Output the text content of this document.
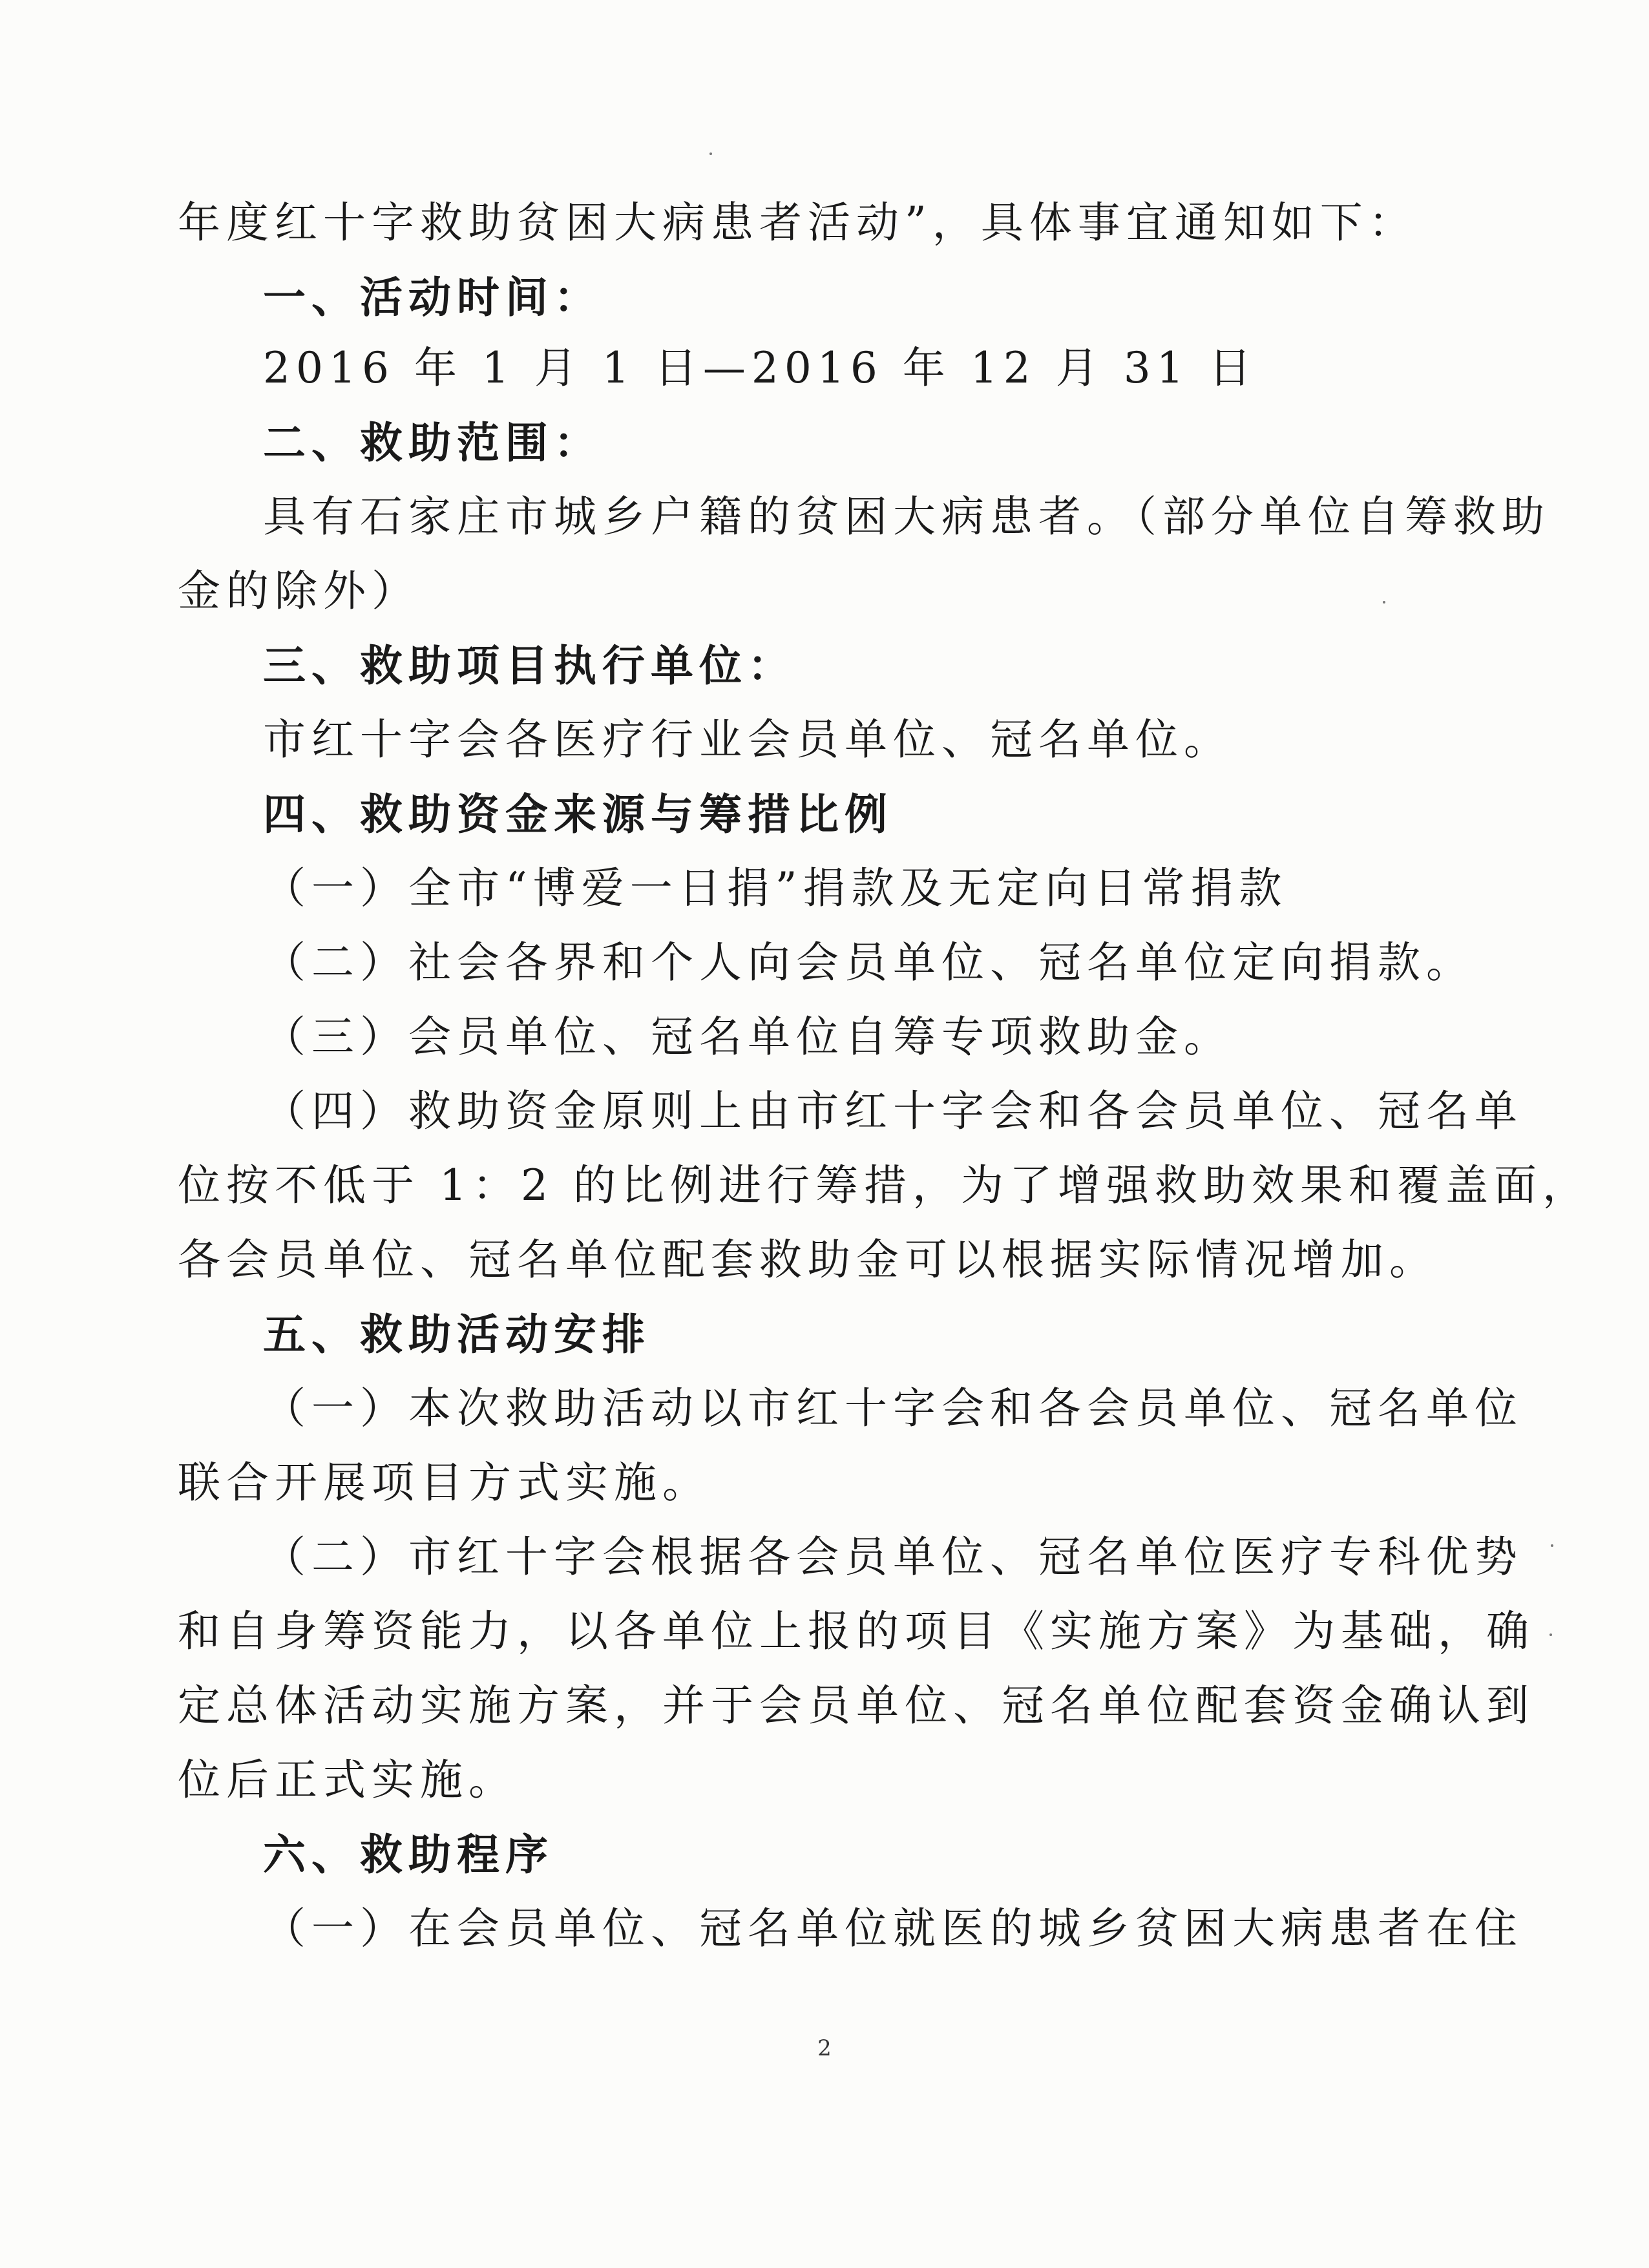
年度红十字救助贫困大病患者活动”，具体事宜通知如下：
一、活动时间：
2016 年 1 月 1 日—2016 年 12 月 31 日
二、救助范围：
具有石家庄市城乡户籍的贫困大病患者。（部分单位自筹救助
金的除外）
三、救助项目执行单位：
市红十字会各医疗行业会员单位、冠名单位。
四、救助资金来源与筹措比例
（一）全市“博爱一日捐”捐款及无定向日常捐款
（二）社会各界和个人向会员单位、冠名单位定向捐款。
（三）会员单位、冠名单位自筹专项救助金。
（四）救助资金原则上由市红十字会和各会员单位、冠名单
位按不低于 1：2 的比例进行筹措，为了增强救助效果和覆盖面，
各会员单位、冠名单位配套救助金可以根据实际情况增加。
五、救助活动安排
（一）本次救助活动以市红十字会和各会员单位、冠名单位
联合开展项目方式实施。
（二）市红十字会根据各会员单位、冠名单位医疗专科优势
和自身筹资能力，以各单位上报的项目《实施方案》为基础，确
定总体活动实施方案，并于会员单位、冠名单位配套资金确认到
位后正式实施。
六、救助程序
（一）在会员单位、冠名单位就医的城乡贫困大病患者在住
2
